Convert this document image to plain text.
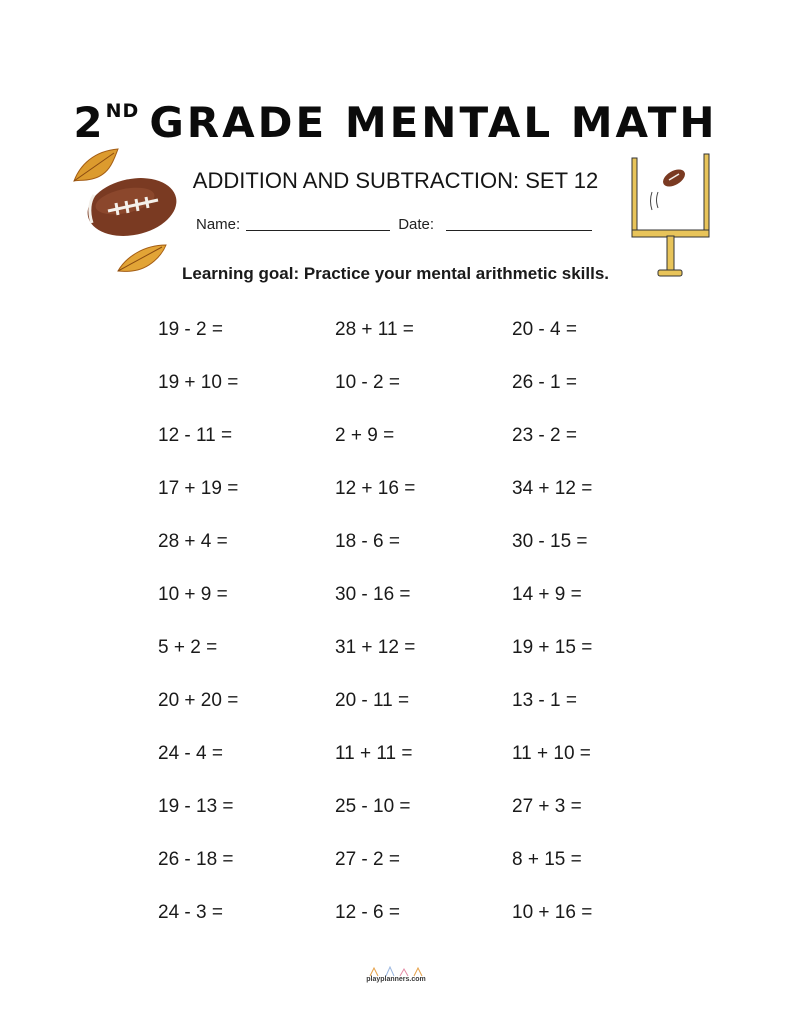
2ND GRADE MENTAL MATH
ADDITION AND SUBTRACTION: SET 12
Name:	Date:
Learning goal: Practice your mental arithmetic skills.
19 - 2 =	28 + 11 =	20 - 4 =
19 + 10 =	10 - 2 =	26 - 1 =
12 - 11 =	2 + 9 =	23 - 2 =
17 + 19 =	12 + 16 =	34 + 12 =
28 + 4 =	18 - 6 =	30 - 15 =
10 + 9 =	30 - 16 =	14 + 9 =
5 + 2 =	31 + 12 =	19 + 15 =
20 + 20 =	20 - 11 =	13 - 1 =
24 - 4 =	11 + 11 =	11 + 10 =
19 - 13 =	25 - 10 =	27 + 3 =
26 - 18 =	27 - 2 =	8 + 15 =
24 - 3 =	12 - 6 =	10 + 16 =
playplanners.com
